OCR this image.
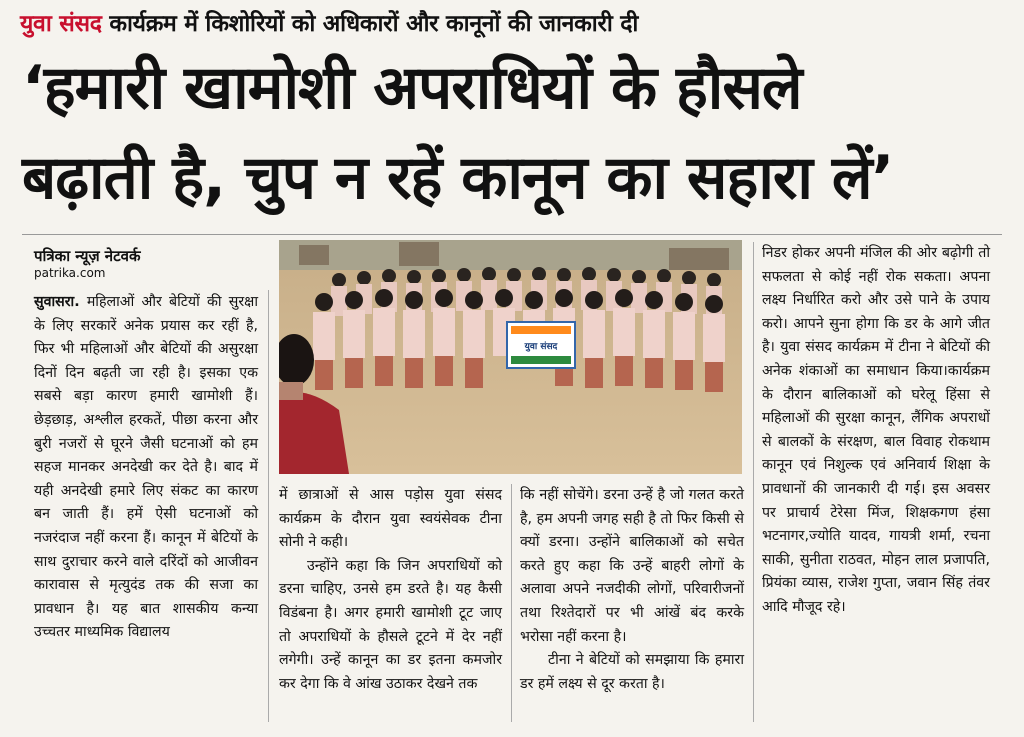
युवा संसद कार्यक्रम में किशोरियों को अधिकारों और कानूनों की जानकारी दी
‘हमारी खामोशी अपराधियों के हौसले
बढ़ाती है, चुप न रहें कानून का सहारा लें’
पत्रिका न्यूज़ नेटवर्क
patrika.com
युवा संसद

सुवासरा. महिलाओं और बेटियों की सुरक्षा के लिए सरकारें अनेक प्रयास कर रहीं है, फिर भी महिलाओं और बेटियों की असुरक्षा दिनों दिन बढ़ती जा रही है। इसका एक सबसे बड़ा कारण हमारी खामोशी हैं। छेड़छाड़, अश्लील हरकतें, पीछा करना और बुरी नजरों से घूरने जैसी घटनाओं को हम सहज मानकर अनदेखी कर देते है। बाद में यही अनदेखी हमारे लिए संकट का कारण बन जाती हैं। हमें ऐसी घटनाओं को नजरंदाज नहीं करना हैं। कानून में बेटियों के साथ दुराचार करने वाले दरिंदों को आजीवन कारावास से मृत्युदंड तक की सजा का प्रावधान है। यह बात शासकीय कन्या उच्चतर माध्यमिक विद्यालय

में छात्राओं से आस पड़ोस युवा संसद कार्यक्रम के दौरान युवा स्वयंसेवक टीना सोनी ने कही।

उन्होंने कहा कि जिन अपराधियों को डरना चाहिए, उनसे हम डरते है। यह कैसी विडंबना है। अगर हमारी खामोशी टूट जाए तो अपराधियों के हौसले टूटने में देर नहीं लगेगी। उन्हें कानून का डर इतना कमजोर कर देगा कि वे आंख उठाकर देखने तक

कि नहीं सोचेंगे। डरना उन्हें है जो गलत करते है, हम अपनी जगह सही है तो फिर किसी से क्यों डरना। उन्होंने बालिकाओं को सचेत करते हुए कहा कि उन्हें बाहरी लोगों के अलावा अपने नजदीकी लोगों, परिवारीजनों तथा रिश्तेदारों पर भी आंखें बंद करके भरोसा नहीं करना है।

टीना ने बेटियों को समझाया कि हमारा डर हमें लक्ष्य से दूर करता है।

निडर होकर अपनी मंजिल की ओर बढ़ोगी तो सफलता से कोई नहीं रोक सकता। अपना लक्ष्य निर्धारित करो और उसे पाने के उपाय करो। आपने सुना होगा कि डर के आगे जीत है। युवा संसद कार्यक्रम में टीना ने बेटियों की अनेक शंकाओं का समाधान किया।कार्यक्रम के दौरान बालिकाओं को घरेलू हिंसा से महिलाओं की सुरक्षा कानून, लैंगिक अपराधों से बालकों के संरक्षण, बाल विवाह रोकथाम कानून एवं निशुल्क एवं अनिवार्य शिक्षा के प्रावधानों की जानकारी दी गई। इस अवसर पर प्राचार्य टेरेसा मिंज, शिक्षकगण हंसा भटनागर,ज्योति यादव, गायत्री शर्मा, रचना साकी, सुनीता राठवत, मोहन लाल प्रजापति, प्रियंका व्यास, राजेश गुप्ता, जवान सिंह तंवर आदि मौजूद रहे।
